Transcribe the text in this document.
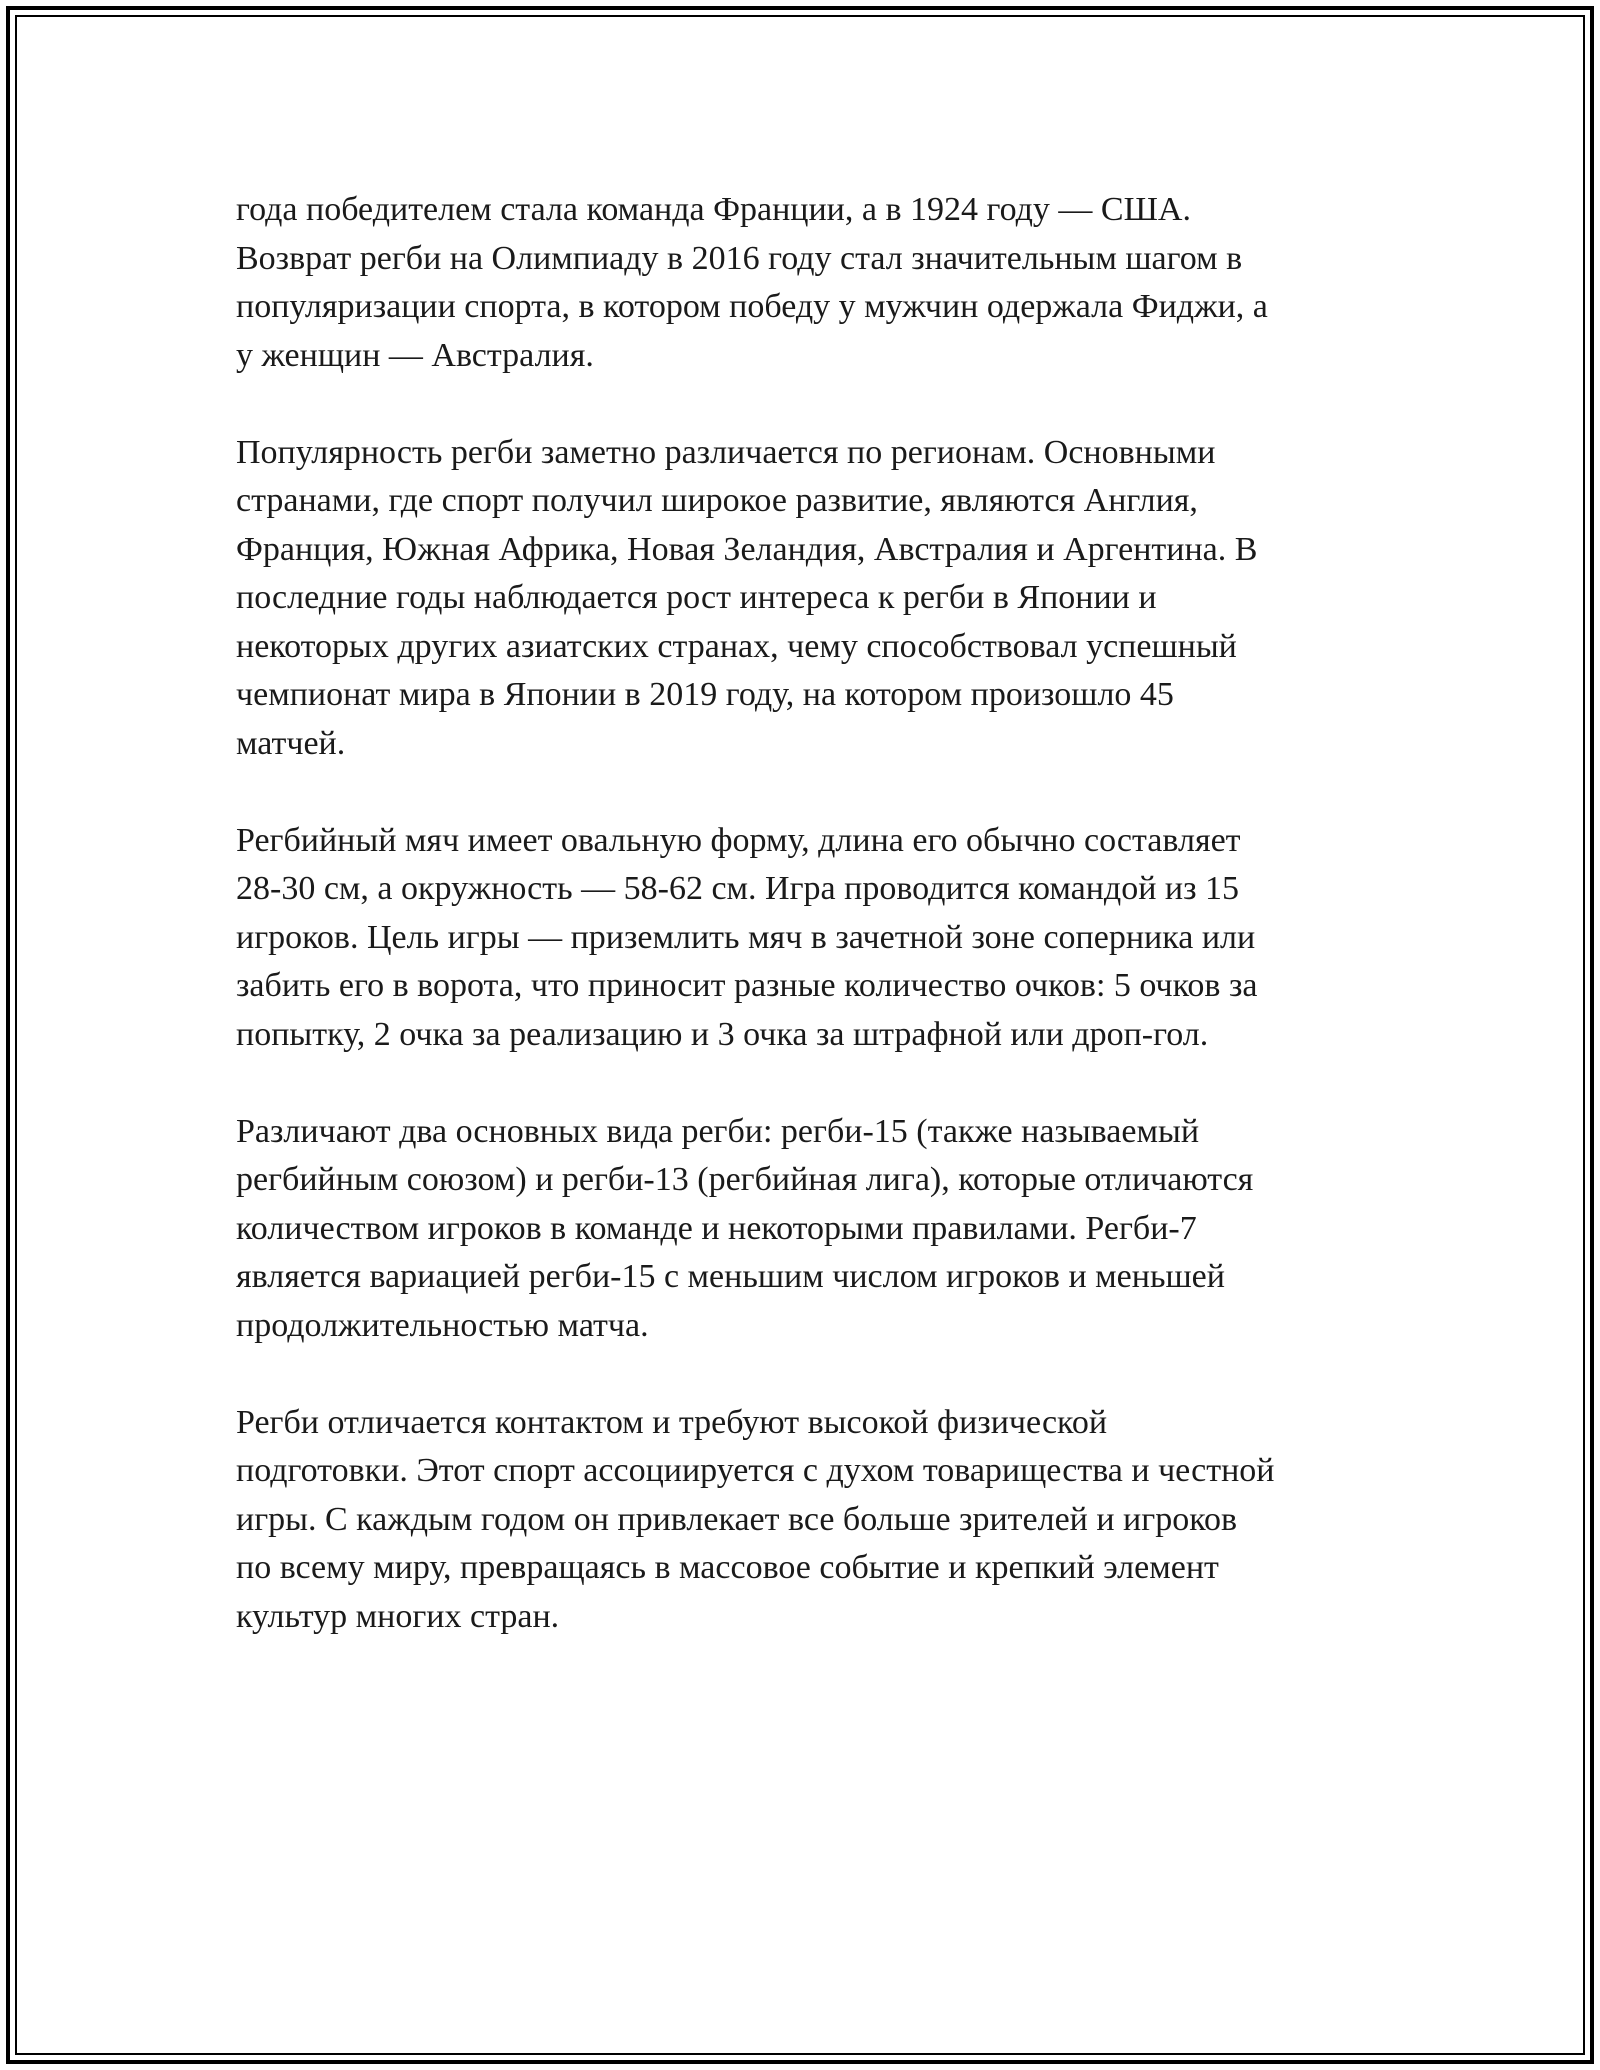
года победителем стала команда Франции, а в 1924 году — США.
Возврат регби на Олимпиаду в 2016 году стал значительным шагом в
популяризации спорта, в котором победу у мужчин одержала Фиджи, а
у женщин — Австралия.

Популярность регби заметно различается по регионам. Основными
странами, где спорт получил широкое развитие, являются Англия,
Франция, Южная Африка, Новая Зеландия, Австралия и Аргентина. В
последние годы наблюдается рост интереса к регби в Японии и
некоторых других азиатских странах, чему способствовал успешный
чемпионат мира в Японии в 2019 году, на котором произошло 45
матчей.

Регбийный мяч имеет овальную форму, длина его обычно составляет
28-30 см, а окружность — 58-62 см. Игра проводится командой из 15
игроков. Цель игры — приземлить мяч в зачетной зоне соперника или
забить его в ворота, что приносит разные количество очков: 5 очков за
попытку, 2 очка за реализацию и 3 очка за штрафной или дроп-гол.

Различают два основных вида регби: регби-15 (также называемый
регбийным союзом) и регби-13 (регбийная лига), которые отличаются
количеством игроков в команде и некоторыми правилами. Регби-7
является вариацией регби-15 с меньшим числом игроков и меньшей
продолжительностью матча.

Регби отличается контактом и требуют высокой физической
подготовки. Этот спорт ассоциируется с духом товарищества и честной
игры. С каждым годом он привлекает все больше зрителей и игроков
по всему миру, превращаясь в массовое событие и крепкий элемент
культур многих стран.
